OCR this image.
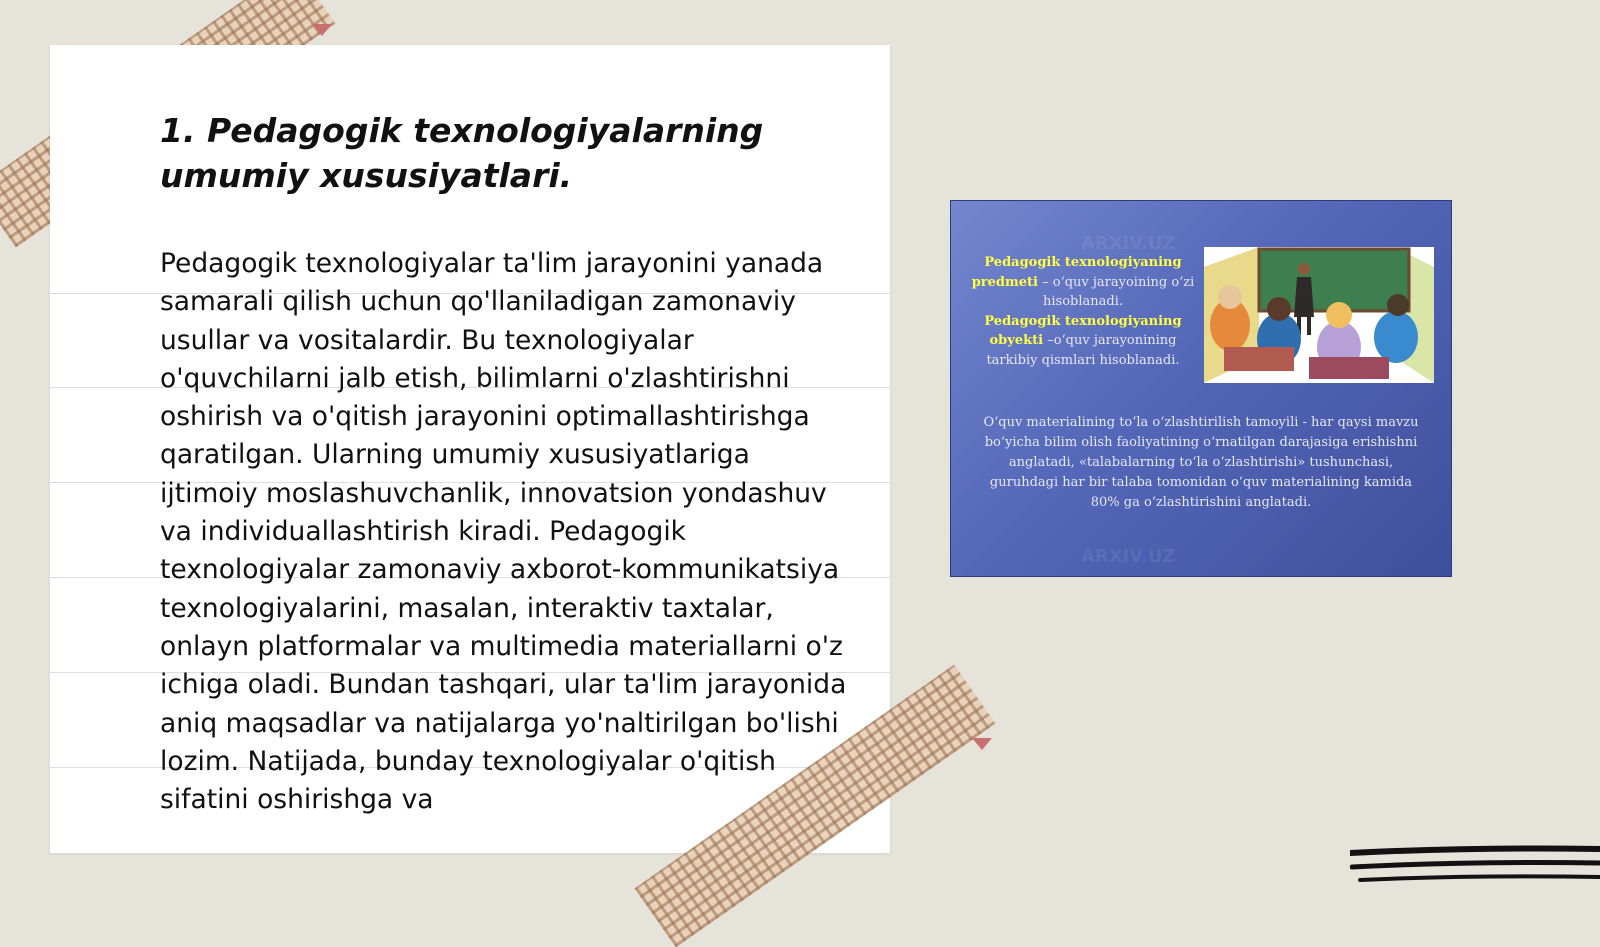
1. Pedagogik texnologiyalarning umumiy xususiyatlari.

Pedagogik texnologiyalar ta'lim jarayonini yanada samarali qilish uchun qo'llaniladigan zamonaviy usullar va vositalardir. Bu texnologiyalar o'quvchilarni jalb etish, bilimlarni o'zlashtirishni oshirish va o'qitish jarayonini optimallashtirishga qaratilgan. Ularning umumiy xususiyatlariga ijtimoiy moslashuvchanlik, innovatsion yondashuv va individuallashtirish kiradi. Pedagogik texnologiyalar zamonaviy axborot-kommunikatsiya texnologiyalarini, masalan, interaktiv taxtalar, onlayn platformalar va multimedia materiallarni o'z ichiga oladi. Bundan tashqari, ular ta'lim jarayonida aniq maqsadlar va natijalarga yo'naltirilgan bo'lishi lozim. Natijada, bunday texnologiyalar o'qitish sifatini oshirishga va

ARXIV.UZ
ARXIV.UZ
Pedagogik texnologiyaning predmeti – o‘quv jarayoining o‘zi hisoblanadi.
Pedagogik texnologiyaning obyekti –o‘quv jarayonining tarkibiy qismlari hisoblanadi.
O‘quv materialining to‘la o‘zlashtirilish tamoyili - har qaysi mavzu bo‘yicha bilim olish faoliyatining o‘rnatilgan darajasiga erishishni anglatadi, «talabalarning to‘la o‘zlashtirishi» tushunchasi, guruhdagi har bir talaba tomonidan o‘quv materialining kamida 80% ga o‘zlashtirishini anglatadi.
